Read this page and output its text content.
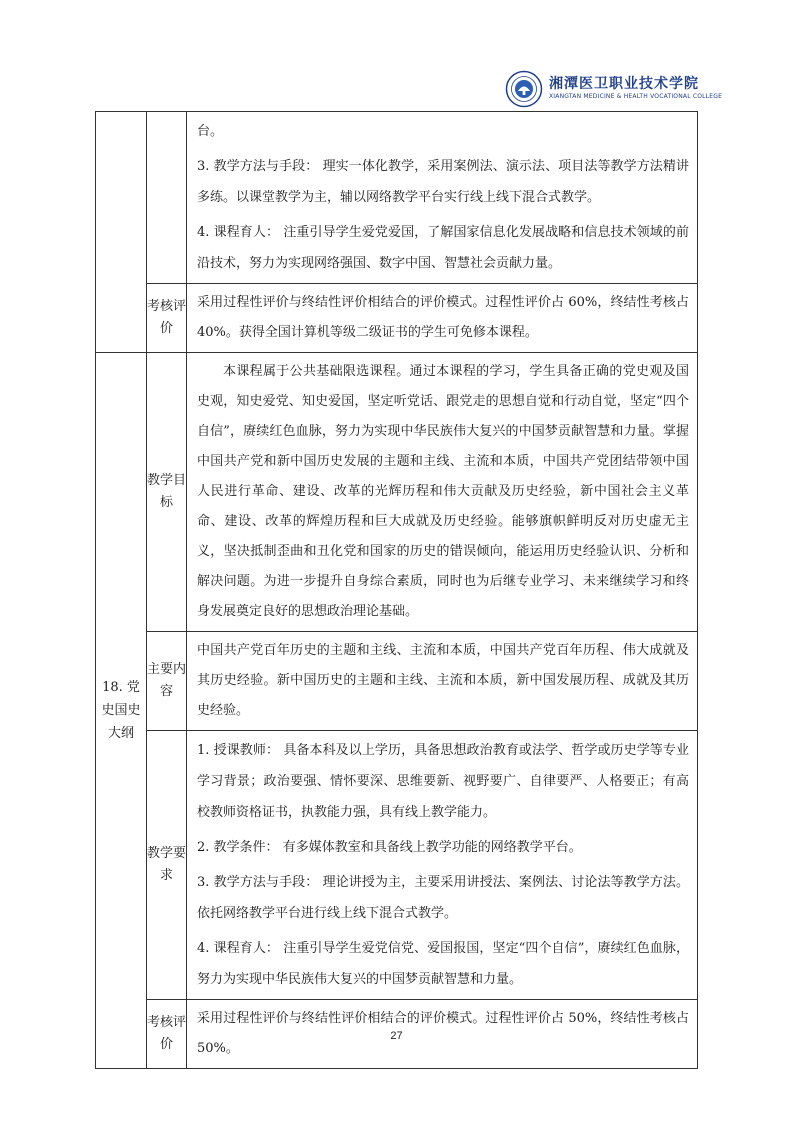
湘潭医卫职业技术学院
XIANGTAN MEDICINE & HEALTH VOCATIONAL COLLEGE

		台。

3. 教学方法与手段： 理实一体化教学，采用案例法、演示法、项目法等教学方法精讲多练。以课堂教学为主，辅以网络教学平台实行线上线下混合式教学。

4. 课程育人： 注重引导学生爱党爱国，了解国家信息化发展战略和信息技术领域的前沿技术，努力为实现网络强国、数字中国、智慧社会贡献力量。

	考核评价	采用过程性评价与终结性评价相结合的评价模式。过程性评价占 60%，终结性考核占 40%。获得全国计算机等级二级证书的学生可免修本课程。

18. 党史国史大纲	教学目标	本课程属于公共基础限选课程。通过本课程的学习，学生具备正确的党史观及国史观，知史爱党、知史爱国，坚定听党话、跟党走的思想自觉和行动自觉，坚定“四个自信”，赓续红色血脉，努力为实现中华民族伟大复兴的中国梦贡献智慧和力量。掌握中国共产党和新中国历史发展的主题和主线、主流和本质，中国共产党团结带领中国人民进行革命、建设、改革的光辉历程和伟大贡献及历史经验，新中国社会主义革命、建设、改革的辉煌历程和巨大成就及历史经验。能够旗帜鲜明反对历史虚无主义，坚决抵制歪曲和丑化党和国家的历史的错误倾向，能运用历史经验认识、分析和解决问题。为进一步提升自身综合素质，同时也为后继专业学习、未来继续学习和终身发展奠定良好的思想政治理论基础。

	主要内容	中国共产党百年历史的主题和主线、主流和本质，中国共产党百年历程、伟大成就及其历史经验。新中国历史的主题和主线、主流和本质，新中国发展历程、成就及其历史经验。

	教学要求	1. 授课教师： 具备本科及以上学历，具备思想政治教育或法学、哲学或历史学等专业学习背景；政治要强、情怀要深、思维要新、视野要广、自律要严、人格要正；有高校教师资格证书，执教能力强，具有线上教学能力。

2. 教学条件： 有多媒体教室和具备线上教学功能的网络教学平台。

3. 教学方法与手段： 理论讲授为主，主要采用讲授法、案例法、讨论法等教学方法。依托网络教学平台进行线上线下混合式教学。

4. 课程育人： 注重引导学生爱党信党、爱国报国，坚定“四个自信”，赓续红色血脉，努力为实现中华民族伟大复兴的中国梦贡献智慧和力量。

	考核评价	采用过程性评价与终结性评价相结合的评价模式。过程性评价占 50%，终结性考核占 50%。

27
